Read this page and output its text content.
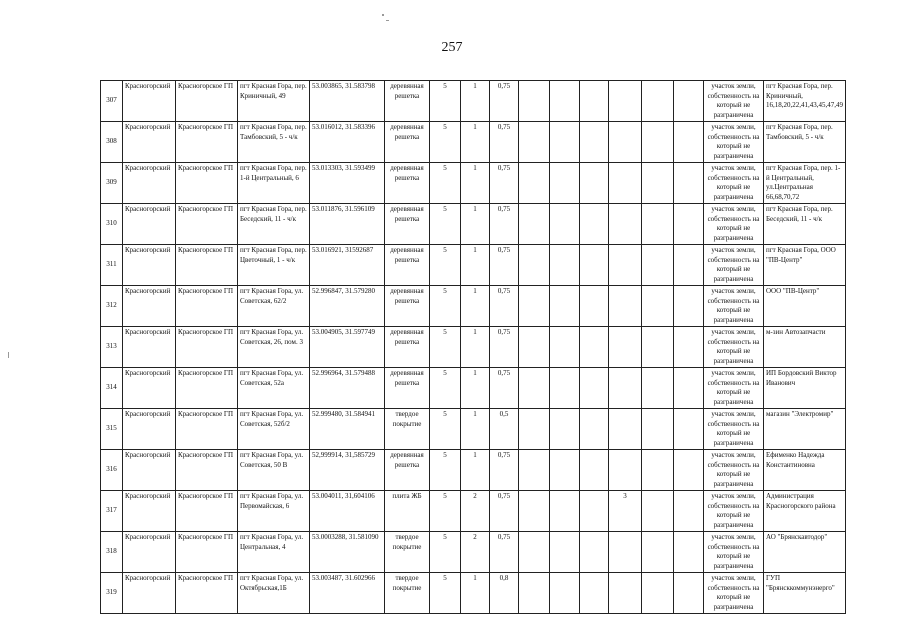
257
307	Красногорский	Красногорское ГП	пгт Красная Гора, пер. Криничный, 49	53.003865, 31.583798	деревянная решетка	5	1	0,75							участок земли, собственность на который не разграничена	пгт Красная Гора, пер. Криничный, 16,18,20,22,41,43,45,47,49
308	Красногорский	Красногорское ГП	пгт Красная Гора, пер. Тамбовский, 5 - ч/к	53.016012, 31.583396	деревянная решетка	5	1	0,75							участок земли, собственность на который не разграничена	пгт Красная Гора, пер. Тамбовский, 5 - ч/к
309	Красногорский	Красногорское ГП	пгт Красная Гора, пер. 1-й Центральный, 6	53.013303, 31.593499	деревянная решетка	5	1	0,75							участок земли, собственность на который не разграничена	пгт Красная Гора, пер. 1-й Центральный, ул.Центральная 66,68,70,72
310	Красногорский	Красногорское ГП	пгт Красная Гора, пер. Беседский, 11 - ч/к	53.011876, 31.596109	деревянная решетка	5	1	0,75							участок земли, собственность на который не разграничена	пгт Красная Гора, пер. Беседский, 11 - ч/к
311	Красногорский	Красногорское ГП	пгт Красная Гора, пер. Цветочный, 1 - ч/к	53.016921, 31592687	деревянная решетка	5	1	0,75							участок земли, собственность на который не разграничена	пгт Красная Гора, ООО "ПВ-Центр"
312	Красногорский	Красногорское ГП	пгт Красная Гора, ул. Советская, 62/2	52.996847, 31.579280	деревянная решетка	5	1	0,75							участок земли, собственность на который не разграничена	ООО "ПВ-Центр"
313	Красногорский	Красногорское ГП	пгт Красная Гора, ул. Советская, 26, пом. 3	53.004905, 31.597749	деревянная решетка	5	1	0,75							участок земли, собственность на который не разграничена	м-зин Автозапчасти
314	Красногорский	Красногорское ГП	пгт Красная Гора, ул. Советская, 52а	52.996964, 31.579488	деревянная решетка	5	1	0,75							участок земли, собственность на который не разграничена	ИП Бордовский Виктор Иванович
315	Красногорский	Красногорское ГП	пгт Красная Гора, ул. Советская, 52б/2	52.999480, 31.584941	твердое покрытие	5	1	0,5							участок земли, собственность на который не разграничена	магазин "Электромир"
316	Красногорский	Красногорское ГП	пгт Красная Гора, ул. Советская, 50 В	52,999914, 31,585729	деревянная решетка	5	1	0,75							участок земли, собственность на который не разграничена	Ефименко Надежда Константиновна
317	Красногорский	Красногорское ГП	пгт Красная Гора, ул. Первомайская, 6	53.004011, 31,604106	плита ЖБ	5	2	0,75				3			участок земли, собственность на который не разграничена	Администрация Красногорского района
318	Красногорский	Красногорское ГП	пгт Красная Гора, ул. Центральная, 4	53.0003288, 31.581090	твердое покрытие	5	2	0,75							участок земли, собственность на который не разграничена	АО "Брянскавтодор"
319	Красногорский	Красногорское ГП	пгт Красная Гора, ул. Октябрьская,1Б	53.003487, 31.602966	твердое покрытие	5	1	0,8							участок земли, собственность на который не разграничена	ГУП "Брянсккоммунэнерго"
